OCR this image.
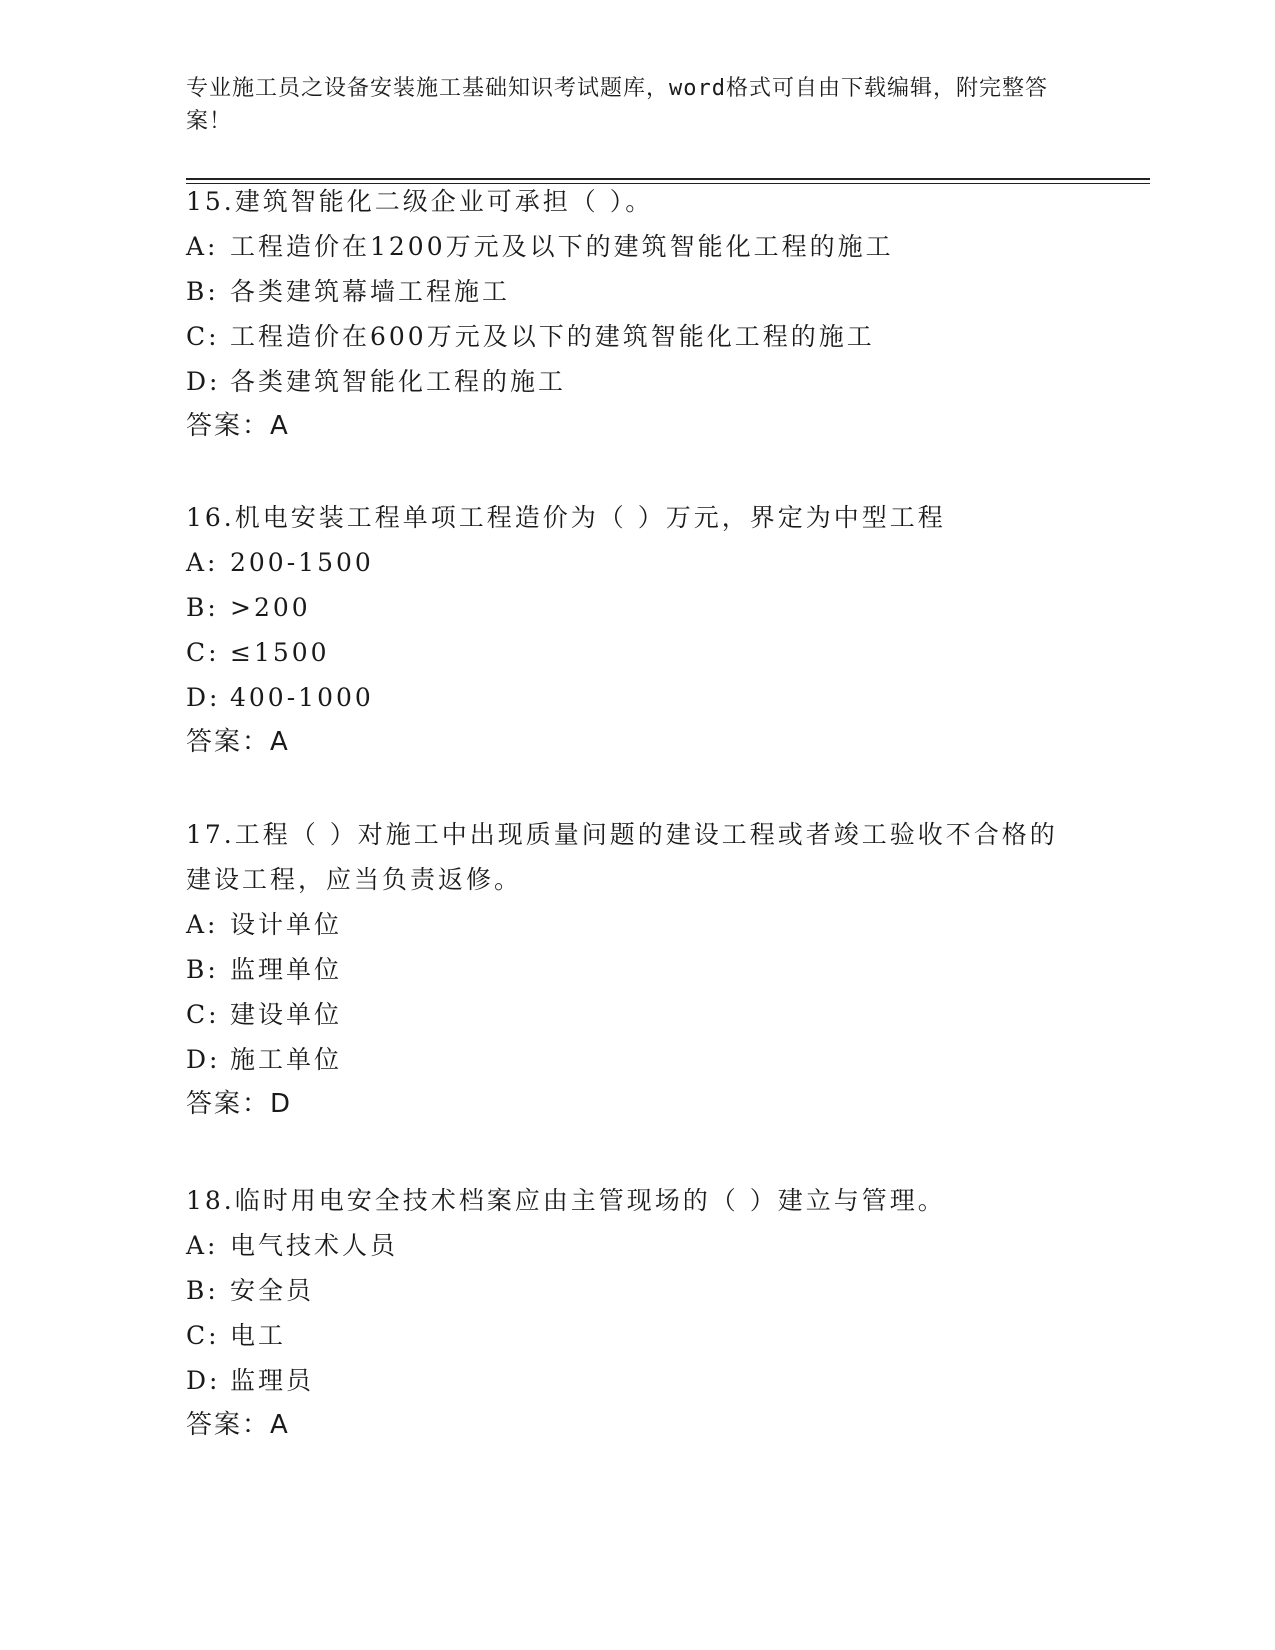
专业施工员之设备安装施工基础知识考试题库，word格式可自由下载编辑，附完整答案！

15.建筑智能化二级企业可承担（ ）。

A: 工程造价在1200万元及以下的建筑智能化工程的施工

B: 各类建筑幕墙工程施工

C: 工程造价在600万元及以下的建筑智能化工程的施工

D: 各类建筑智能化工程的施工

答案：A

16.机电安装工程单项工程造价为（ ）万元，界定为中型工程

A: 200-1500

B: >200

C: ≤1500

D: 400-1000

答案：A

17.工程（ ）对施工中出现质量问题的建设工程或者竣工验收不合格的建设工程，应当负责返修。

A: 设计单位

B: 监理单位

C: 建设单位

D: 施工单位

答案：D

18.临时用电安全技术档案应由主管现场的（ ）建立与管理。

A: 电气技术人员

B: 安全员

C: 电工

D: 监理员

答案：A
